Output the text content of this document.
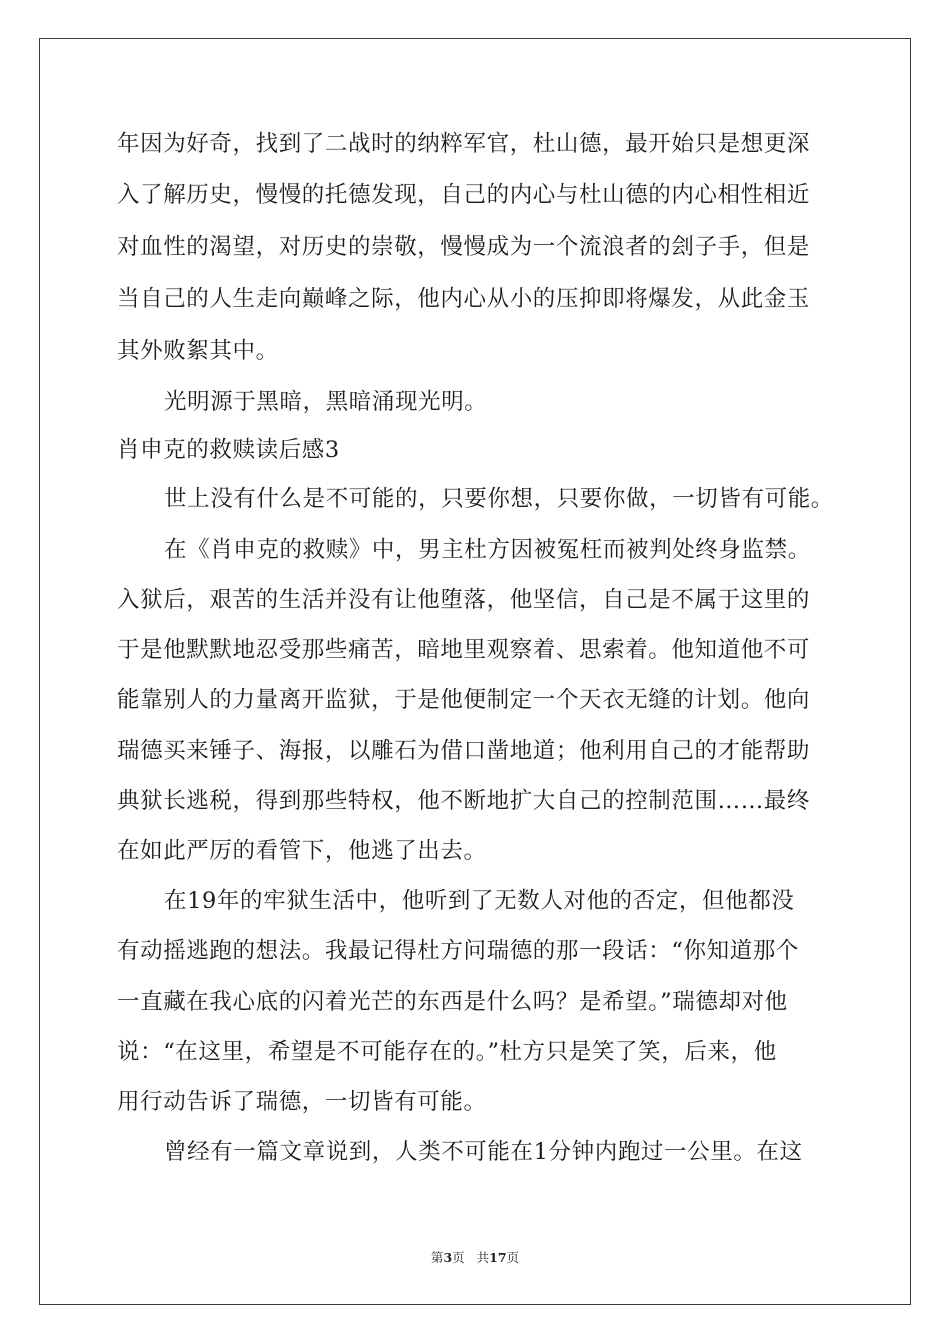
年因为好奇，找到了二战时的纳粹军官，杜山德，最开始只是想更深
入了解历史，慢慢的托德发现，自己的内心与杜山德的内心相性相近
对血性的渴望，对历史的崇敬，慢慢成为一个流浪者的刽子手，但是
当自己的人生走向巅峰之际，他内心从小的压抑即将爆发，从此金玉
其外败絮其中。
光明源于黑暗，黑暗涌现光明。
肖申克的救赎读后感3
世上没有什么是不可能的，只要你想，只要你做，一切皆有可能。
在《肖申克的救赎》中，男主杜方因被冤枉而被判处终身监禁。
入狱后，艰苦的生活并没有让他堕落，他坚信，自己是不属于这里的
于是他默默地忍受那些痛苦，暗地里观察着、思索着。他知道他不可
能靠别人的力量离开监狱，于是他便制定一个天衣无缝的计划。他向
瑞德买来锤子、海报，以雕石为借口凿地道；他利用自己的才能帮助
典狱长逃税，得到那些特权，他不断地扩大自己的控制范围……最终
在如此严厉的看管下，他逃了出去。
在19年的牢狱生活中，他听到了无数人对他的否定，但他都没
有动摇逃跑的想法。我最记得杜方问瑞德的那一段话：“你知道那个
一直藏在我心底的闪着光芒的东西是什么吗？是希望。”瑞德却对他
说：“在这里，希望是不可能存在的。”杜方只是笑了笑，后来，他
用行动告诉了瑞德，一切皆有可能。
曾经有一篇文章说到，人类不可能在1分钟内跑过一公里。在这
第3页 共17页
